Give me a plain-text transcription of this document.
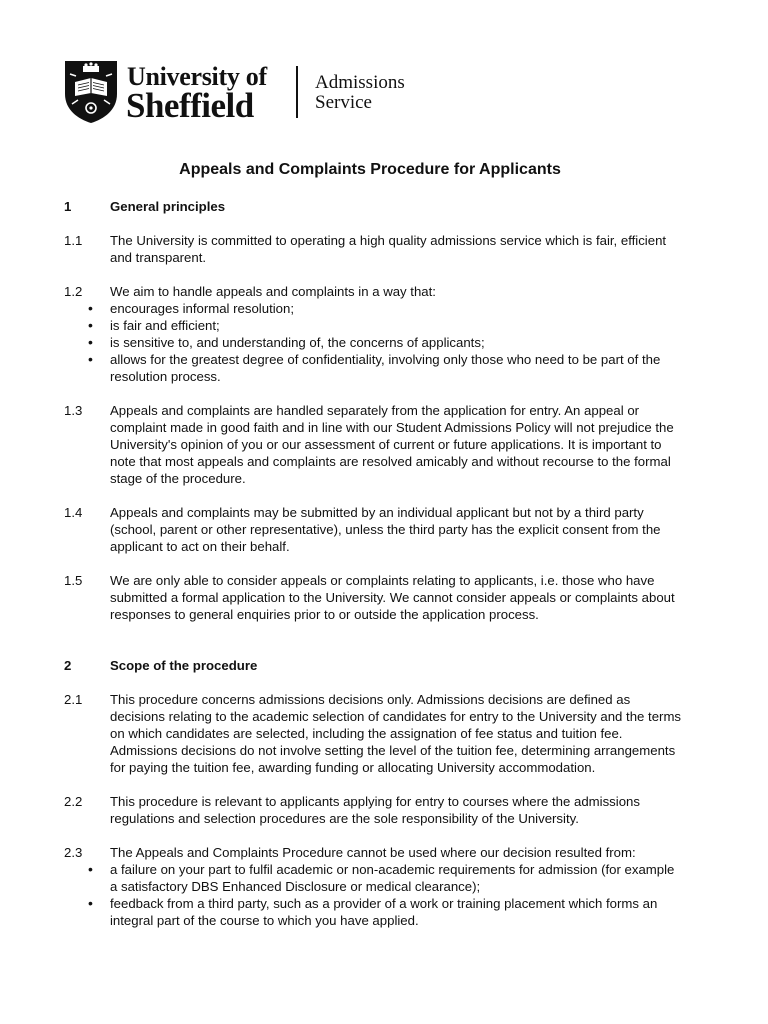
University of
Sheffield
Admissions
Service
Appeals and Complaints Procedure for Applicants
1	General principles
1.1	The University is committed to operating a high quality admissions service which is fair, efficient and transparent.
1.2	We aim to handle appeals and complaints in a way that:
• encourages informal resolution;
• is fair and efficient;
• is sensitive to, and understanding of, the concerns of applicants;
• allows for the greatest degree of confidentiality, involving only those who need to be part of the resolution process.
1.3	Appeals and complaints are handled separately from the application for entry. An appeal or complaint made in good faith and in line with our Student Admissions Policy will not prejudice the University's opinion of you or our assessment of current or future applications. It is important to note that most appeals and complaints are resolved amicably and without recourse to the formal stage of the procedure.
1.4	Appeals and complaints may be submitted by an individual applicant but not by a third party (school, parent or other representative), unless the third party has the explicit consent from the applicant to act on their behalf.
1.5	We are only able to consider appeals or complaints relating to applicants, i.e. those who have submitted a formal application to the University. We cannot consider appeals or complaints about responses to general enquiries prior to or outside the application process.
2	Scope of the procedure
2.1	This procedure concerns admissions decisions only. Admissions decisions are defined as decisions relating to the academic selection of candidates for entry to the University and the terms on which candidates are selected, including the assignation of fee status and tuition fee. Admissions decisions do not involve setting the level of the tuition fee, determining arrangements for paying the tuition fee, awarding funding or allocating University accommodation.
2.2	This procedure is relevant to applicants applying for entry to courses where the admissions regulations and selection procedures are the sole responsibility of the University.
2.3	The Appeals and Complaints Procedure cannot be used where our decision resulted from:
• a failure on your part to fulfil academic or non-academic requirements for admission (for example a satisfactory DBS Enhanced Disclosure or medical clearance);
• feedback from a third party, such as a provider of a work or training placement which forms an integral part of the course to which you have applied.
